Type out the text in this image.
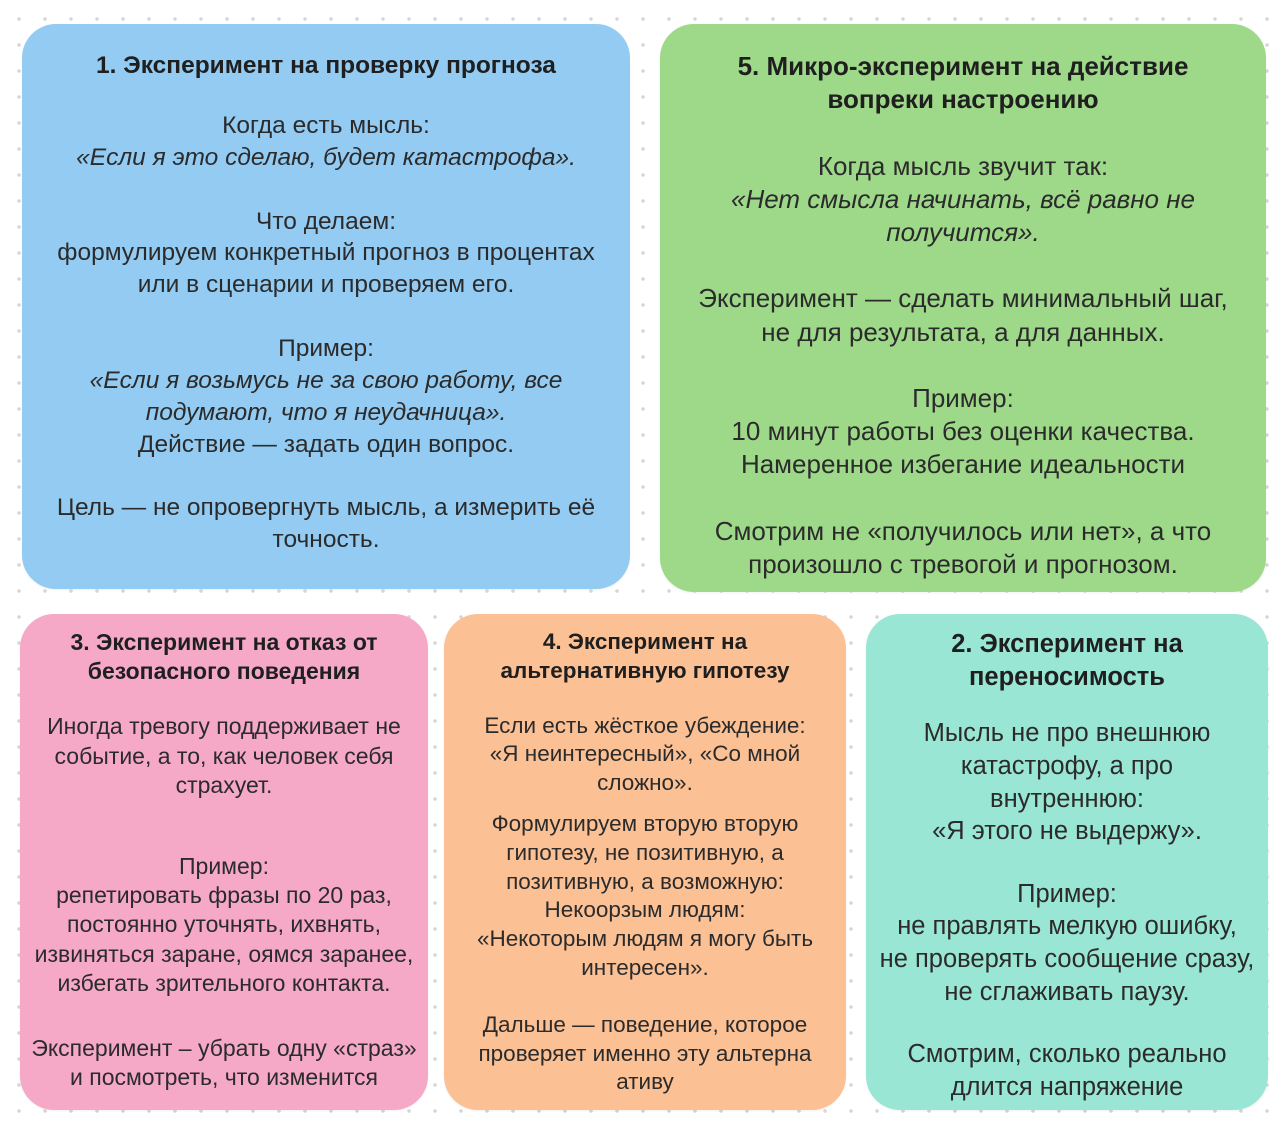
1. Эксперимент на проверку прогноза

Когда есть мысль:

«Если я это сделаю, будет катастрофа».

Что делаем:

формулируем конкретный прогноз в процентах
или в сценарии и проверяем его.

Пример:

«Если я возьмусь не за свою работу, все
подумают, что я неудачница».

Действие — задать один вопрос.

Цель — не опровергнуть мысль, а измерить её
точность.

5. Микро-эксперимент на действие
вопреки настроению

Когда мысль звучит так:

«Нет смысла начинать, всё равно не
получится».

Эксперимент — сделать минимальный шаг,
не для результата, а для данных.

Пример:

10 минут работы без оценки качества.
Намеренное избегание идеальности

Смотрим не «получилось или нет», а что
произошло с тревогой и прогнозом.

3. Эксперимент на отказ от
безопасного поведения

Иногда тревогу поддерживает не
событие, а то, как человек себя
страхует.

Пример:

репетировать фразы по 20 раз,
постоянно уточнять, ихвнять,
извиняться заране, оямся заранее,
избегать зрительного контакта.

Эксперимент – убрать одну «страз»
и посмотреть, что изменится

4. Эксперимент на
альтернативную гипотезу

Если есть жёсткое убеждение:
«Я неинтересный», «Со мной
сложно».

Формулируем вторую вторую
гипотезу, не позитивную, а
позитивную, а возможную:
Некоорзым людям:
«Некоторым людям я могу быть
интересен».

Дальше — поведение, которое
проверяет именно эту альтерна
ативу

2. Эксперимент на
переносимость

Мысль не про внешнюю
катастрофу, а про
внутреннюю:
«Я этого не выдержу».

Пример:

не правлять мелкую ошибку,
не проверять сообщение сразу,
не сглаживать паузу.

Смотрим, сколько реально
длится напряжение
